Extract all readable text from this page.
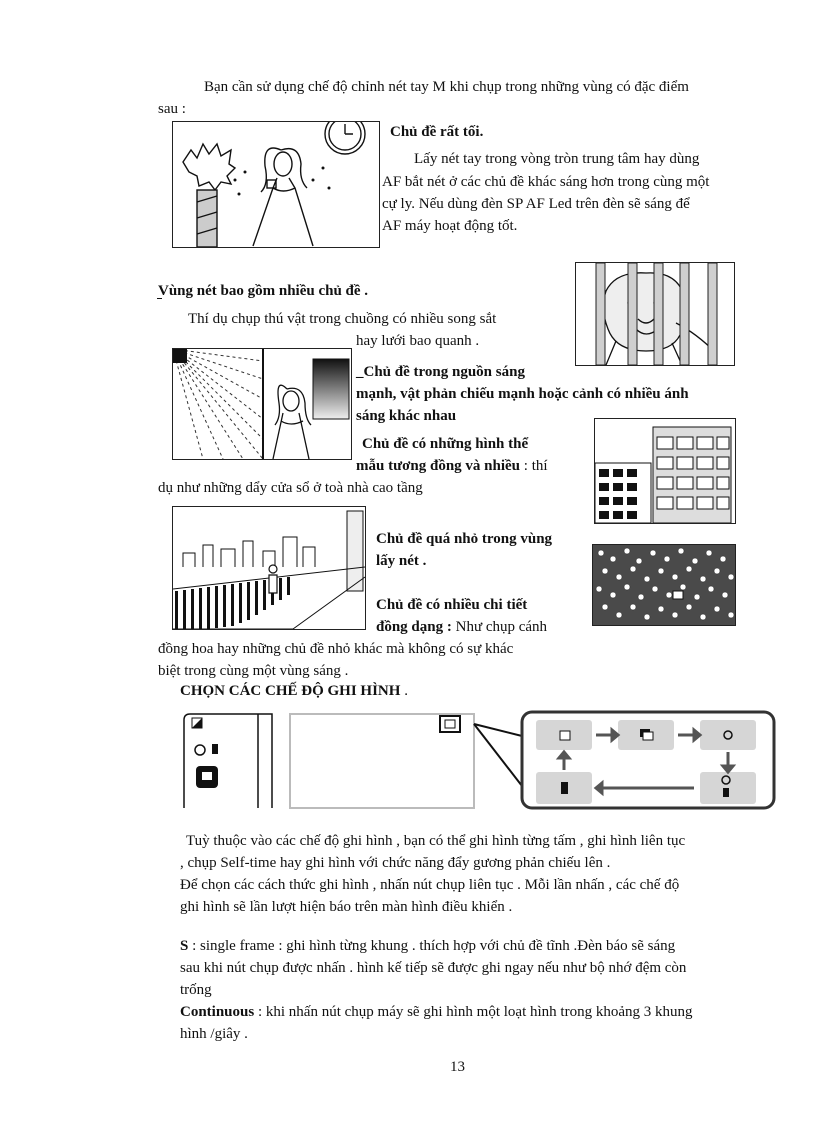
Bạn cần sử dụng chế độ chỉnh nét tay M khi chụp trong những vùng có đặc điểm
sau :
Chủ đề rất tối.
Lấy nét tay trong vòng tròn trung tâm hay dùng
AF bắt nét ở các chủ đề khác sáng hơn trong cùng một
cự ly. Nếu dùng đèn SP AF Led trên đèn sẽ sáng để
AF máy hoạt động tốt.
Vùng nét bao gồm nhiều chủ đề .
Thí dụ chụp thú vật trong chuồng có nhiều song sắt
hay lưới bao quanh .
_Chủ đề trong nguồn sáng
mạnh, vật phản chiếu mạnh hoặc cảnh có nhiều ánh
sáng khác nhau
Chủ đề có những hình thể
mẫu tương đồng và nhiều : thí
dụ như những dẩy cửa sổ ở toà nhà cao tầng
Chủ đề quá nhỏ trong vùng
lấy nét .
Chủ đề có nhiều chi tiết
đồng dạng : Như chụp cánh
đồng hoa hay những chủ đề nhỏ khác mà không có sự khác
biệt trong cùng một vùng sáng .
CHỌN CÁC CHẾ ĐỘ GHI HÌNH .
Tuỳ thuộc vào các chế độ ghi hình , bạn có thể ghi hình từng tấm , ghi hình liên tục
, chụp Self-time hay ghi hình với chức năng đẩy gương phản chiếu lên .
Để chọn các cách thức ghi hình , nhấn nút chụp liên tục . Mỗi lần nhấn , các chế độ
ghi hình sẽ lần lượt hiện báo trên màn hình điều khiển .
S : single frame : ghi hình từng khung . thích hợp với chủ đề tĩnh .Đèn báo sẽ sáng
sau khi nút chụp được nhấn . hình kế tiếp sẽ được ghi ngay nếu như bộ nhớ đệm còn
trống
Continuous : khi nhấn nút chụp máy sẽ ghi hình một loạt hình trong khoảng 3 khung
hình /giây .
13
